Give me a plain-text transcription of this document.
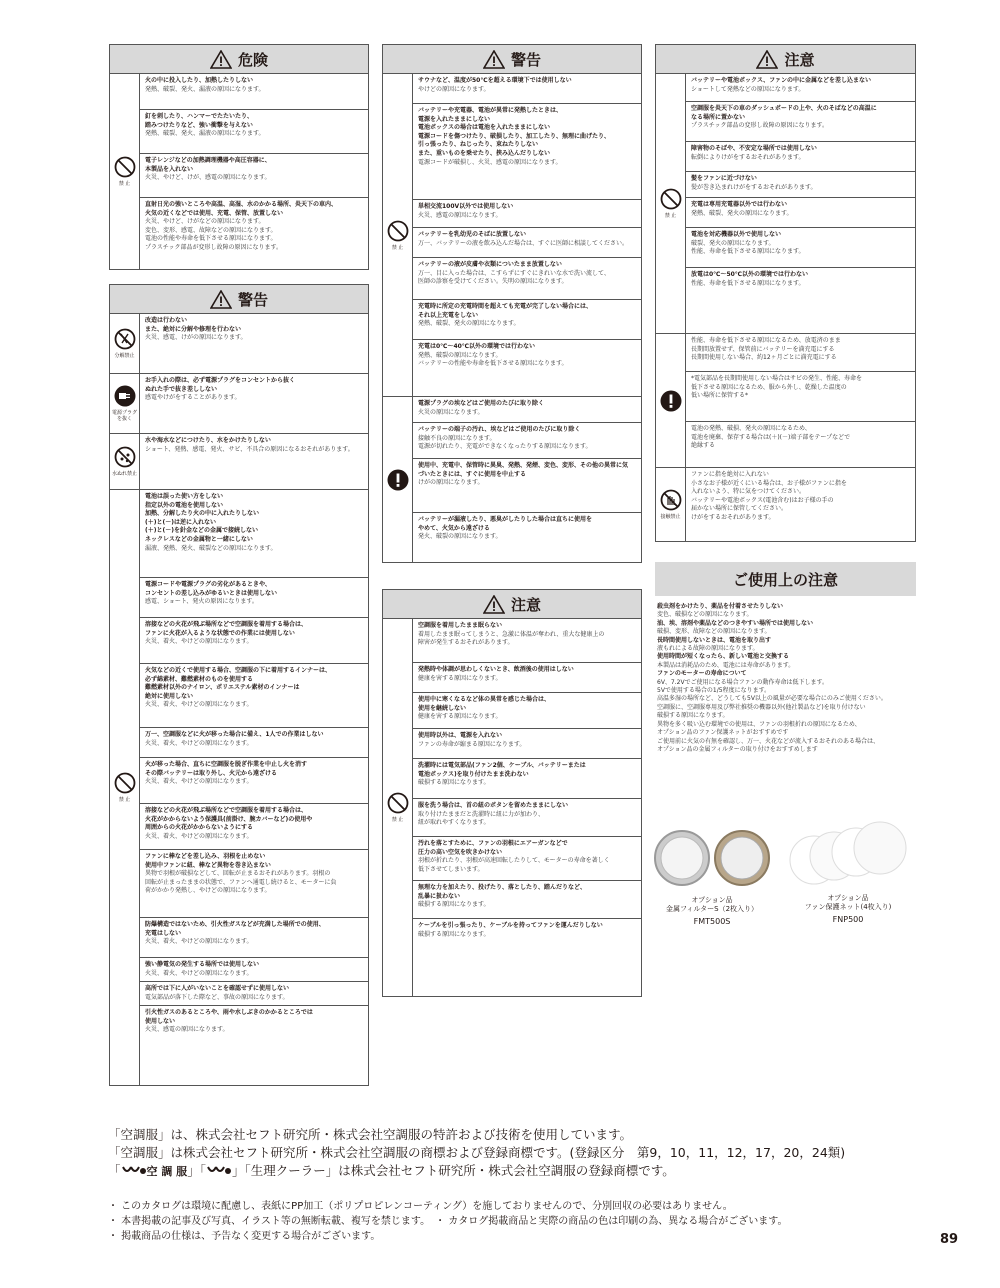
危険
禁 止
火の中に投入したり、加熱したりしない
発熱、破裂、発火、漏液の原因になります。
釘を刺したり、ハンマーでたたいたり、
踏みつけたりなど、強い衝撃を与えない
発熱、破裂、発火、漏液の原因になります。
電子レンジなどの加熱調理機器や高圧容器に、
本製品を入れない
火災、やけど、けが、感電の原因になります。
直射日光の強いところや高温、高湿、水のかかる場所、炎天下の車内、
火気の近くなどでは使用、充電、保管、放置しない
火災、やけど、けがなどの原因になります。
変色、変形、感電、故障などの原因になります。
電池の性能や寿命を低下させる原因になります。
プラスチック部品が変形し故障の原因になります。
警告
分解禁止
改造は行わない
また、絶対に分解や修理を行わない
火災、感電、けがの原因になります。
電源プラグを抜く
お手入れの際は、必ず電源プラグをコンセントから抜く
ぬれた手で抜き差ししない
感電やけがをすることがあります。
水ぬれ禁止
水や海水などにつけたり、水をかけたりしない
ショート、発熱、感電、発火、サビ、不具合の原因になるおそれがあります。
禁 止
電池は誤った使い方をしない
指定以外の電池を使用しない
加熱、分解したり火の中に入れたりしない
(＋)と(－)は逆に入れない
(＋)と(－)を針金などの金属で接続しない
ネックレスなどの金属物と一緒にしない
漏液、発熱、発火、破裂などの原因になります。
電源コードや電源プラグの劣化があるときや、
コンセントの差し込みがゆるいときは使用しない
感電、ショート、発火の原因になります。
溶接などの火花が飛ぶ場所などで空調服を着用する場合は、
ファンに火花が入るような状態での作業には使用しない
火災、着火、やけどの原因になります。
火気などの近くで使用する場合、空調服の下に着用するインナーは、
必ず綿素材、難燃素材のものを使用する
難燃素材以外のナイロン、ポリエステル素材のインナーは
絶対に使用しない
火災、着火、やけどの原因になります。
万一、空調服などに火が移った場合に備え、1人での作業はしない
火災、着火、やけどの原因になります。
火が移った場合、直ちに空調服を脱ぎ作業を中止し火を消す
その際バッテリーは取り外し、火元から遠ざける
火災、着火、やけどの原因になります。
溶接などの火花が飛ぶ場所などで空調服を着用する場合は、
火花がかからないよう保護具(前掛け、腕カバーなど)の使用や
周囲からの火花がかからないようにする
火災、着火、やけどの原因になります。
ファンに棒などを差し込み、羽根を止めない
使用中ファンに紐、棒など異物を巻き込まない
異物で羽根が破損などして、回転が止まるおそれがあります。羽根の
回転が止まったままの状態で、ファンへ通電し続けると、モーターに負
荷がかかり発熱し、やけどの原因になります。
防爆構造ではないため、引火性ガスなどが充満した場所での使用、
充電はしない
火災、着火、やけどの原因になります。
強い静電気の発生する場所では使用しない
火災、着火、やけどの原因になります。
高所では下に人がいないことを確認せずに使用しない
電気部品が落下した際など、事故の原因になります。
引火性ガスのあるところや、雨や水しぶきのかかるところでは
使用しない
火災、感電の原因になります。
警告
禁 止
サウナなど、温度が50℃を超える環境下では使用しない
やけどの原因になります。
バッテリーや充電器、電池が異常に発熱したときは、
電源を入れたままにしない
電池ボックスの場合は電池を入れたままにしない
電源コードを傷つけたり、破損したり、加工したり、無理に曲げたり、
引っ張ったり、ねじったり、束ねたりしない
また、重いものを乗せたり、挟み込んだりしない
電源コードが破損し、火災、感電の原因になります。
単相交流100V以外では使用しない
火災、感電の原因になります。
バッテリーを乳幼児のそばに放置しない
万一、バッテリーの液を飲み込んだ場合は、すぐに医師に相談してください。
バッテリーの液が皮膚や衣類についたまま放置しない
万一、目に入った場合は、こすらずにすぐにきれいな水で洗い流して、
医師の診察を受けてください。失明の原因になります。
充電時に所定の充電時間を超えても充電が完了しない場合には、
それ以上充電をしない
発熱、破裂、発火の原因になります。
充電は0℃～40℃以外の環境では行わない
発熱、破裂の原因になります。
バッテリーの性能や寿命を低下させる原因になります。
電源プラグの埃などはご使用のたびに取り除く
火災の原因になります。
バッテリーの端子の汚れ、埃などはご使用のたびに取り除く
接触不良の原因になります。
電源が切れたり、充電ができなくなったりする原因になります。
使用中、充電中、保管時に異臭、発熱、発煙、変色、変形、その他の異常に気
づいたときには、すぐに使用を中止する
けがの原因になります。
バッテリーが漏液したり、悪臭がしたりした場合は直ちに使用を
やめて、火気から遠ざける
発火、破裂の原因になります。
注意
禁 止
空調服を着用したまま眠らない
着用したまま眠ってしまうと、急激に体温が奪われ、重大な健康上の
障害が発生するおそれがあります。
発熱時や体調が思わしくないとき、飲酒後の使用はしない
健康を害する原因になります。
使用中に寒くなるなど体の異常を感じた場合は、
使用を継続しない
健康を害する原因になります。
使用時以外は、電源を入れない
ファンの寿命が縮まる原因になります。
洗濯時には電気部品(ファン2個、ケーブル、バッテリーまたは
電池ボックス)を取り付けたまま洗わない
破損する原因になります。
服を洗う場合は、首の紐のボタンを留めたままにしない
取り付けたままだと洗濯時に紐に力が加わり、
紐が取れやすくなります。
汚れを落とすために、ファンの羽根にエアーガンなどで
圧力の高い空気を吹きかけない
羽根が折れたり、羽根が高速回転したりして、モーターの寿命を著しく
低下させてしまいます。
無理な力を加えたり、投げたり、落としたり、踏んだりなど、
乱暴に扱わない
破損する原因になります。
ケーブルを引っ張ったり、ケーブルを持ってファンを運んだりしない
破損する原因になります。
注意
禁 止
バッテリーや電池ボックス、ファンの中に金属などを差し込まない
ショートして発熱などの原因になります。
空調服を炎天下の車のダッシュボードの上や、火のそばなどの高温に
なる場所に置かない
プラスチック部品の変形し故障の原因になります。
障害物のそばや、不安定な場所では使用しない
転倒によりけがをするおそれがあります。
髪をファンに近づけない
髪が巻き込まれけがをするおそれがあります。
充電は専用充電器以外では行わない
発熱、破裂、発火の原因になります。
電池を対応機器以外で使用しない
破裂、発火の原因になります。
性能、寿命を低下させる原因になります。
放電は0℃～50℃以外の環境では行わない
性能、寿命を低下させる原因になります。
性能、寿命を低下させる原因になるため、放電済のまま
長期間放置せず、保管前にバッテリーを満充電にする
長期間使用しない場合、約12ヶ月ごとに満充電にする
*電気部品を長期間使用しない場合はサビの発生、性能、寿命を
低下させる原因になるため、服から外し、乾燥した温度の
低い場所に保管する*
電池の発熱、破損、発火の原因になるため、
電池を廃棄、保存する場合は(＋)(－)端子部をテープなどで
絶縁する
接触禁止
ファンに指を絶対に入れない
小さなお子様が近くにいる場合は、お子様がファンに指を
入れないよう、特に気をつけてください。
バッテリーや電池ボックス(電池含む)はお子様の手の
届かない場所に保管してください。
けがをするおそれがあります。
ご使用上の注意
殺虫剤をかけたり、薬品を付着させたりしない
変色、破損などの原因になります。
油、埃、溶剤や薬品などのつきやすい場所では使用しない
破損、変形、故障などの原因になります。
長時間使用しないときは、電池を取り出す
液もれによる故障の原因になります。
使用時間が短くなったら、新しい電池と交換する
本製品は消耗品のため、電池には寿命があります。
ファンのモーターの寿命について
6V、7.2Vでご使用になる場合ファンの動作寿命は低下します。
5Vで使用する場合の1/5程度になります。
高温多湿の場所など、どうしても5V以上の風量が必要な場合にのみご使用ください。
空調服に、空調服専用及び弊社推奨の機器以外(他社製品など)を取り付けない
破損する原因になります。
異物を多く吸い込む環境での使用は、ファンの羽根折れの原因になるため、
オプション品のファン保護ネットがおすすめです
ご使用前に火気の有無を確認し、万一、火花などが流入するおそれのある場合は、
オプション品の金属フィルターの取り付けをおすすめします
オプション品
金属フィルターS（2枚入り）
FMT500S
オプション品
ファン保護ネット(4枚入り)
FNP500
「空調服」は、株式会社セフト研究所・株式会社空調服の特許および技術を使用しています。
「空調服」は株式会社セフト研究所・株式会社空調服の商標および登録商標です。(登録区分　第9，10，11，12，17，20，24類)
「 空 調 服」「 」「生理クーラー」は株式会社セフト研究所・株式会社空調服の登録商標です。
・ このカタログは環境に配慮し、表紙にPP加工（ポリプロピレンコーティング）を施しておりませんので、分別回収の必要はありません。
・ 本書掲載の記事及び写真、イラスト等の無断転載、複写を禁じます。　・ カタログ掲載商品と実際の商品の色は印刷の為、異なる場合がございます。
・ 掲載商品の仕様は、予告なく変更する場合がございます。	89
